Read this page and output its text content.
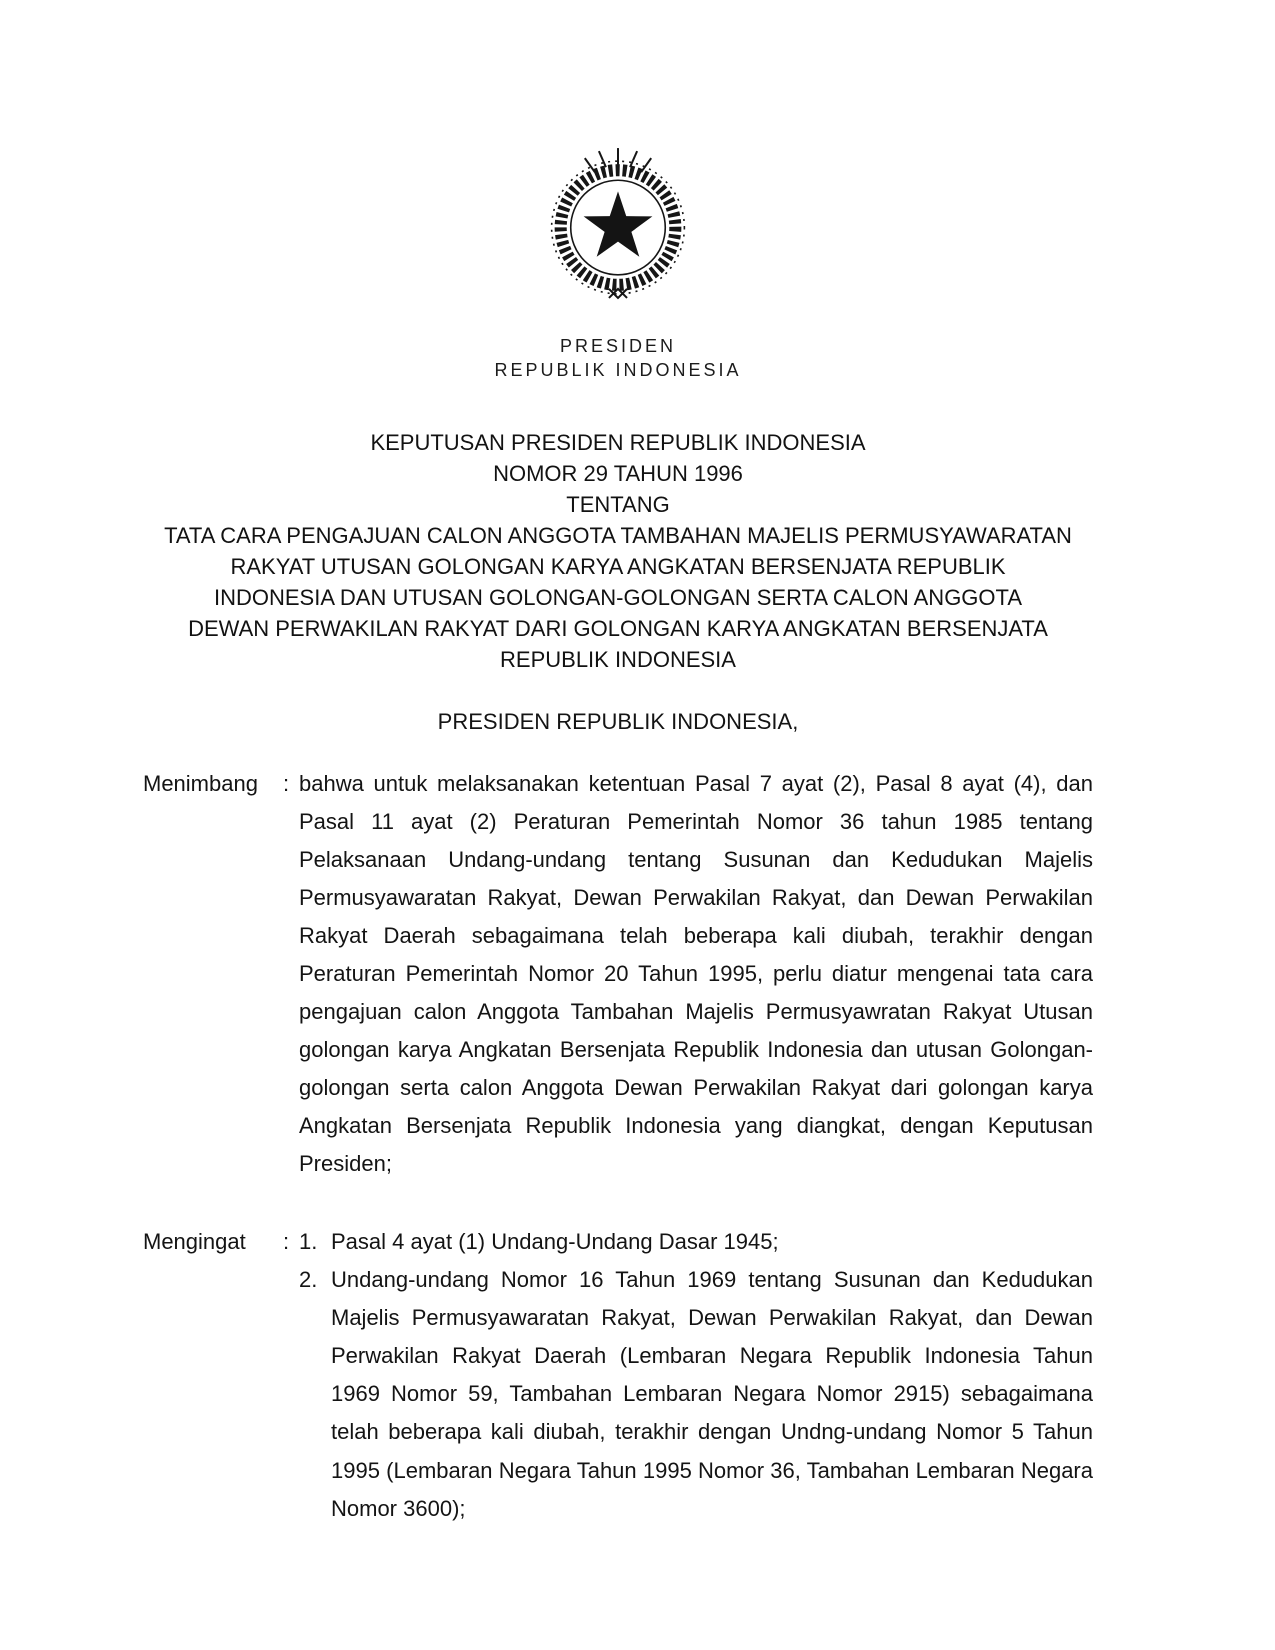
PRESIDEN
REPUBLIK INDONESIA
KEPUTUSAN PRESIDEN REPUBLIK INDONESIA
NOMOR 29 TAHUN 1996
TENTANG
TATA CARA PENGAJUAN CALON ANGGOTA TAMBAHAN MAJELIS PERMUSYAWARATAN
RAKYAT UTUSAN GOLONGAN KARYA ANGKATAN BERSENJATA REPUBLIK
INDONESIA DAN UTUSAN GOLONGAN-GOLONGAN SERTA CALON ANGGOTA
DEWAN PERWAKILAN RAKYAT DARI GOLONGAN KARYA ANGKATAN BERSENJATA
REPUBLIK INDONESIA
PRESIDEN REPUBLIK INDONESIA,
Menimbang	: bahwa untuk melaksanakan ketentuan Pasal 7 ayat (2), Pasal 8 ayat (4), dan Pasal 11 ayat (2) Peraturan Pemerintah Nomor 36 tahun 1985 tentang Pelaksanaan Undang-undang tentang Susunan dan Kedudukan Majelis Permusyawaratan Rakyat, Dewan Perwakilan Rakyat, dan Dewan Perwakilan Rakyat Daerah sebagaimana telah beberapa kali diubah, terakhir dengan Peraturan Pemerintah Nomor 20 Tahun 1995, perlu diatur mengenai tata cara pengajuan calon Anggota Tambahan Majelis Permusyawratan Rakyat Utusan golongan karya Angkatan Bersenjata Republik Indonesia dan utusan Golongan-golongan serta calon Anggota Dewan Perwakilan Rakyat dari golongan karya Angkatan Bersenjata Republik Indonesia yang diangkat, dengan Keputusan Presiden;
Mengingat	: 1. Pasal 4 ayat (1) Undang-Undang Dasar 1945;
2. Undang-undang Nomor 16 Tahun 1969 tentang Susunan dan Kedudukan Majelis Permusyawaratan Rakyat, Dewan Perwakilan Rakyat, dan Dewan Perwakilan Rakyat Daerah (Lembaran Negara Republik Indonesia Tahun 1969 Nomor 59, Tambahan Lembaran Negara Nomor 2915) sebagaimana telah beberapa kali diubah, terakhir dengan Undng-undang Nomor 5 Tahun 1995 (Lembaran Negara Tahun 1995 Nomor 36, Tambahan Lembaran Negara Nomor 3600);
